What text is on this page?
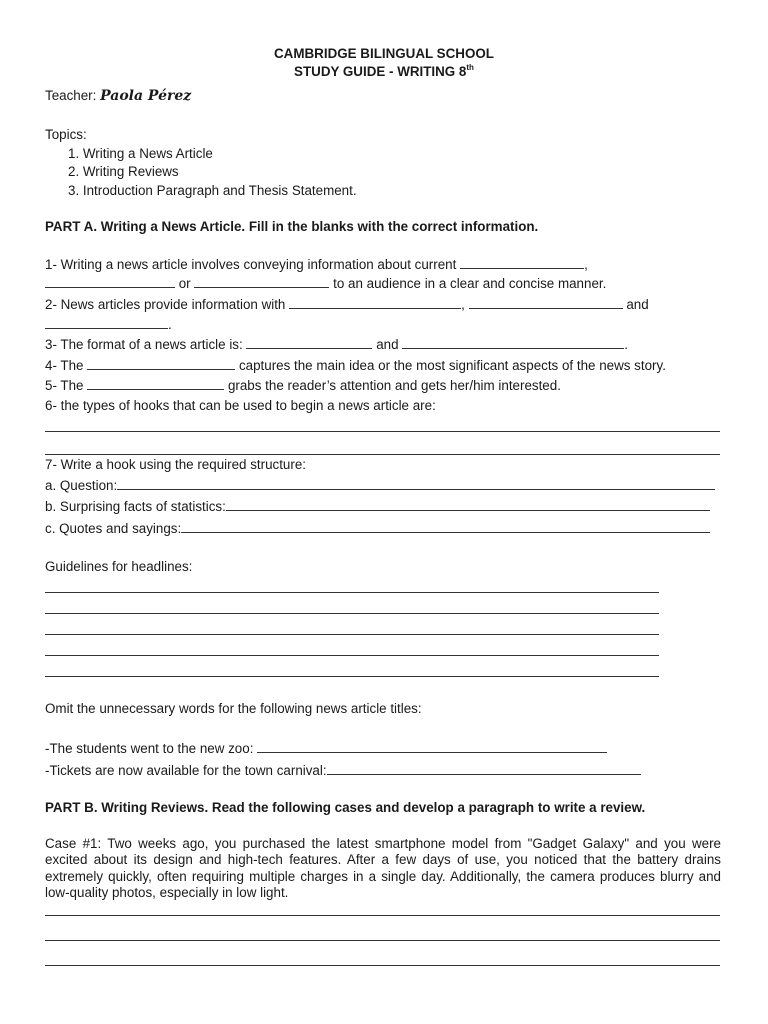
CAMBRIDGE BILINGUAL SCHOOL
STUDY GUIDE - WRITING 8th
Teacher: Paola Pérez
Topics:
1. Writing a News Article
2. Writing Reviews
3. Introduction Paragraph and Thesis Statement.
PART A. Writing a News Article. Fill in the blanks with the correct information.
1- Writing a news article involves conveying information about current	,
or	to an audience in a clear and concise manner.
2- News articles provide information with	,	and
.
3- The format of a news article is:	and	.
4- The	captures the main idea or the most significant aspects of the news story.
5- The	grabs the reader’s attention and gets her/him interested.
6- the types of hooks that can be used to begin a news article are:
7- Write a hook using the required structure:
a. Question:
b. Surprising facts of statistics:
c. Quotes and sayings:
Guidelines for headlines:
Omit the unnecessary words for the following news article titles:
-The students went to the new zoo:
-Tickets are now available for the town carnival:
PART B. Writing Reviews. Read the following cases and develop a paragraph to write a review.
Case #1: Two weeks ago, you purchased the latest smartphone model from "Gadget Galaxy" and you were excited about its design and high-tech features. After a few days of use, you noticed that the battery drains extremely quickly, often requiring multiple charges in a single day. Additionally, the camera produces blurry and low-quality photos, especially in low light.
